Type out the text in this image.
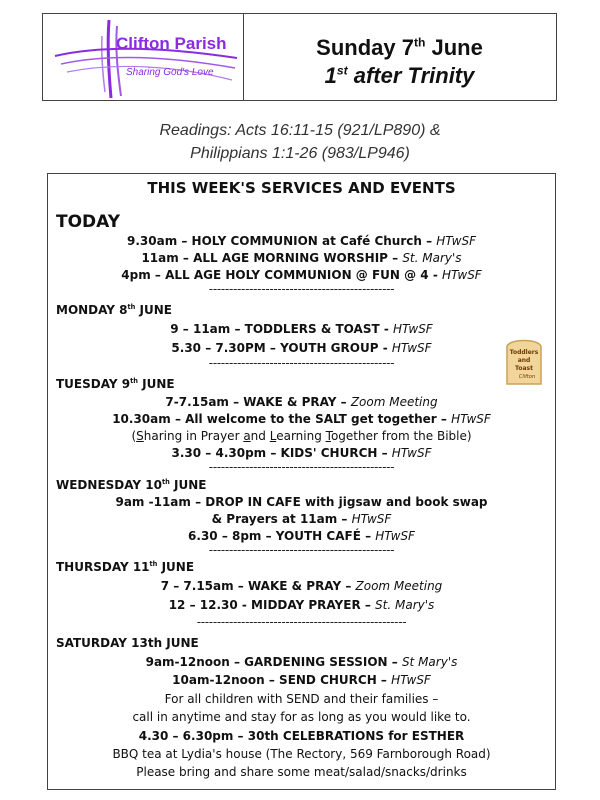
Clifton Parish
Sharing God's Love
Sunday 7th June
1st after Trinity
Readings: Acts 16:11-15 (921/LP890) &
Philippians 1:1-26 (983/LP946)
THIS WEEK'S SERVICES AND EVENTS
TODAY
9.30am – HOLY COMMUNION at Café Church – HTwSF
11am – ALL AGE MORNING WORSHIP – St. Mary's
4pm – ALL AGE HOLY COMMUNION @ FUN @ 4 - HTwSF
----------------------------------------------
MONDAY 8th JUNE
9 – 11am – TODDLERS & TOAST - HTwSF
5.30 – 7.30PM – YOUTH GROUP - HTwSF
----------------------------------------------
Toddlers
and
Toast
Clifton
TUESDAY 9th JUNE
7-7.15am – WAKE & PRAY – Zoom Meeting
10.30am – All welcome to the SALT get together – HTwSF
(Sharing in Prayer and Learning Together from the Bible)
3.30 – 4.30pm – KIDS' CHURCH – HTwSF
----------------------------------------------
WEDNESDAY 10th JUNE
9am -11am – DROP IN CAFE with jigsaw and book swap
& Prayers at 11am – HTwSF
6.30 – 8pm – YOUTH CAFÉ – HTwSF
----------------------------------------------
THURSDAY 11th JUNE
7 – 7.15am – WAKE & PRAY – Zoom Meeting
12 – 12.30 - MIDDAY PRAYER – St. Mary's
----------------------------------------------------
SATURDAY 13th JUNE
9am-12noon – GARDENING SESSION – St Mary's
10am-12noon – SEND CHURCH – HTwSF
For all children with SEND and their families –
call in anytime and stay for as long as you would like to.
4.30 – 6.30pm – 30th CELEBRATIONS for ESTHER
BBQ tea at Lydia's house (The Rectory, 569 Farnborough Road)
Please bring and share some meat/salad/snacks/drinks
